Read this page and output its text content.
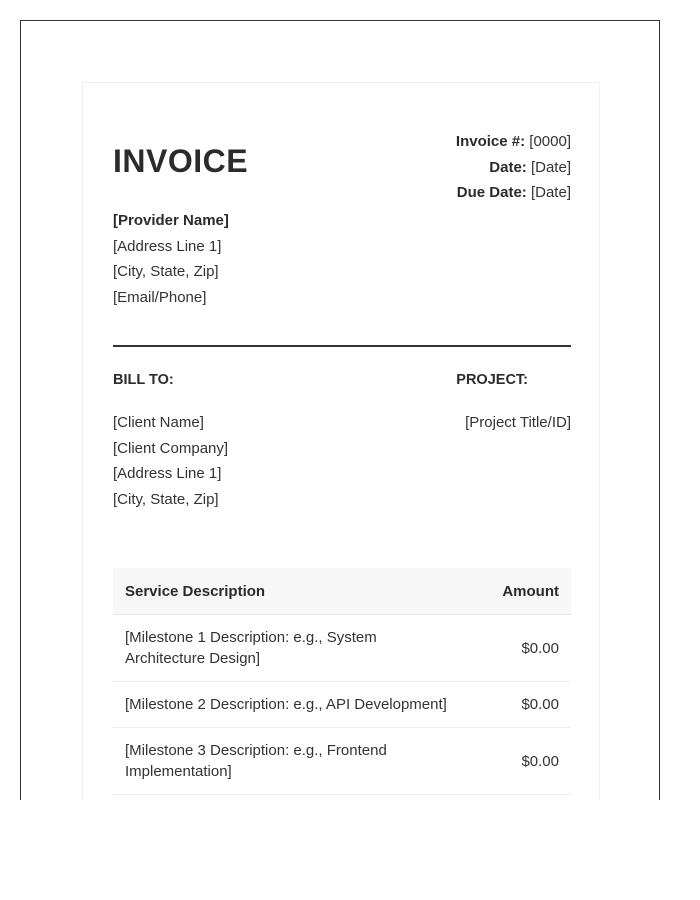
INVOICE
Invoice #: [0000]
Date: [Date]
Due Date: [Date]
[Provider Name]
[Address Line 1]
[City, State, Zip]
[Email/Phone]
BILL TO:	PROJECT:
[Client Name]
[Client Company]
[Address Line 1]
[City, State, Zip]
[Project Title/ID]
Service Description	Amount

[Milestone 1 Description: e.g., System
Architecture Design]	$0.00

[Milestone 2 Description: e.g., API Development]	$0.00

[Milestone 3 Description: e.g., Frontend
Implementation]	$0.00
